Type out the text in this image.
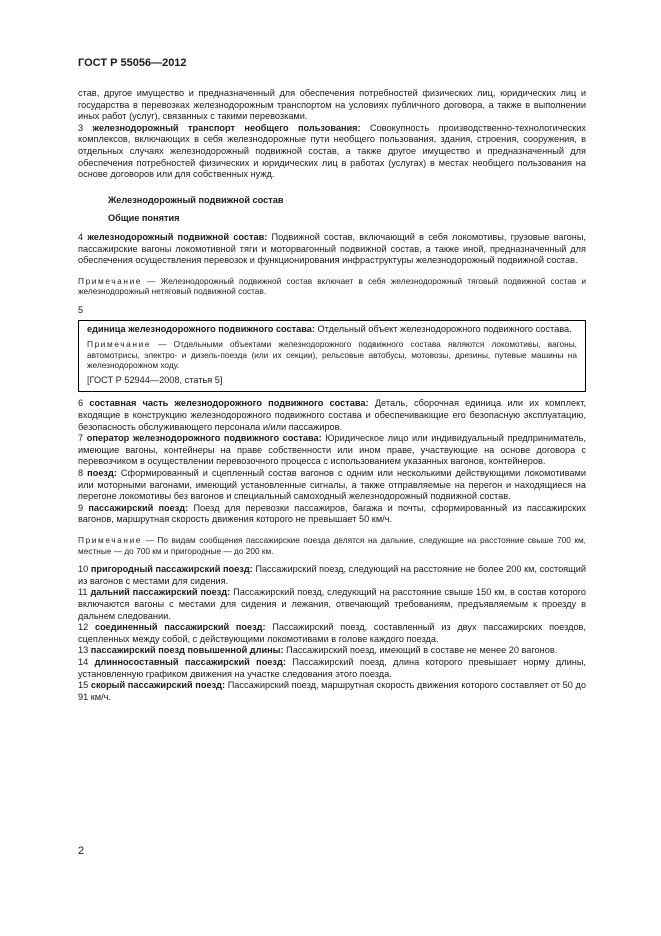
ГОСТ Р 55056—2012

став, другое имущество и предназначенный для обеспечения потребностей физических лиц, юридических лиц и государства в перевозках железнодорожным транспортом на условиях публичного договора, а также в выполнении иных работ (услуг), связанных с такими перевозками.

3 железнодорожный транспорт необщего пользования: Совокупность производственно-технологических комплексов, включающих в себя железнодорожные пути необщего пользования, здания, строения, сооружения, в отдельных случаях железнодорожный подвижной состав, а также другое имущество и предназначенный для обеспечения потребностей физических и юридических лиц в работах (услугах) в местах необщего пользования на основе договоров или для собственных нужд.

Железнодорожный подвижной состав
Общие понятия

4 железнодорожный подвижной состав: Подвижной состав, включающий в себя локомотивы, грузовые вагоны, пассажирские вагоны локомотивной тяги и моторвагонный подвижной состав, а также иной, предназначенный для обеспечения осуществления перевозок и функционирования инфраструктуры железнодорожный подвижной состав.

Примечание — Железнодорожный подвижной состав включает в себя железнодорожный тяговый подвижной состав и железнодорожный нетяговый подвижной состав.
5

единица железнодорожного подвижного состава: Отдельный объект железнодорожного подвижного состава.

Примечание — Отдельными объектами железнодорожного подвижного состава являются локомотивы, вагоны, автомотрисы, электро- и дизель-поезда (или их секции), рельсовые автобусы, мотовозы, дрезины, путевые машины на железнодорожном ходу.

[ГОСТ Р 52944—2008, статья 5]

6 составная часть железнодорожного подвижного состава: Деталь, сборочная единица или их комплект, входящие в конструкцию железнодорожного подвижного состава и обеспечивающие его безопасную эксплуатацию, безопасность обслуживающего персонала и/или пассажиров.

7 оператор железнодорожного подвижного состава: Юридическое лицо или индивидуальный предприниматель, имеющие вагоны, контейнеры на праве собственности или ином праве, участвующие на основе договора с перевозчиком в осуществлении перевозочного процесса с использованием указанных вагонов, контейнеров.

8 поезд: Сформированный и сцепленный состав вагонов с одним или несколькими действующими локомотивами или моторными вагонами, имеющий установленные сигналы, а также отправляемые на перегон и находящиеся на перегоне локомотивы без вагонов и специальный самоходный железнодорожный подвижной состав.

9 пассажирский поезд: Поезд для перевозки пассажиров, багажа и почты, сформированный из пассажирских вагонов, маршрутная скорость движения которого не превышает 50 км/ч.

Примечание — По видам сообщения пассажирские поезда делятся на дальние, следующие на расстояние свыше 700 км, местные — до 700 км и пригородные — до 200 км.

10 пригородный пассажирский поезд: Пассажирский поезд, следующий на расстояние не более 200 км, состоящий из вагонов с местами для сидения.

11 дальний пассажирский поезд: Пассажирский поезд, следующий на расстояние свыше 150 км, в состав которого включаются вагоны с местами для сидения и лежания, отвечающий требованиям, предъявляемым к проезду в дальнем следовании.

12 соединенный пассажирский поезд: Пассажирский поезд, составленный из двух пассажирских поездов, сцепленных между собой, с действующими локомотивами в голове каждого поезда.

13 пассажирский поезд повышенной длины: Пассажирский поезд, имеющий в составе не менее 20 вагонов.

14 длинносоставный пассажирский поезд: Пассажирский поезд, длина которого превышает норму длины, установленную графиком движения на участке следования этого поезда.

15 скорый пассажирский поезд: Пассажирский поезд, маршрутная скорость движения которого составляет от 50 до 91 км/ч.

2
